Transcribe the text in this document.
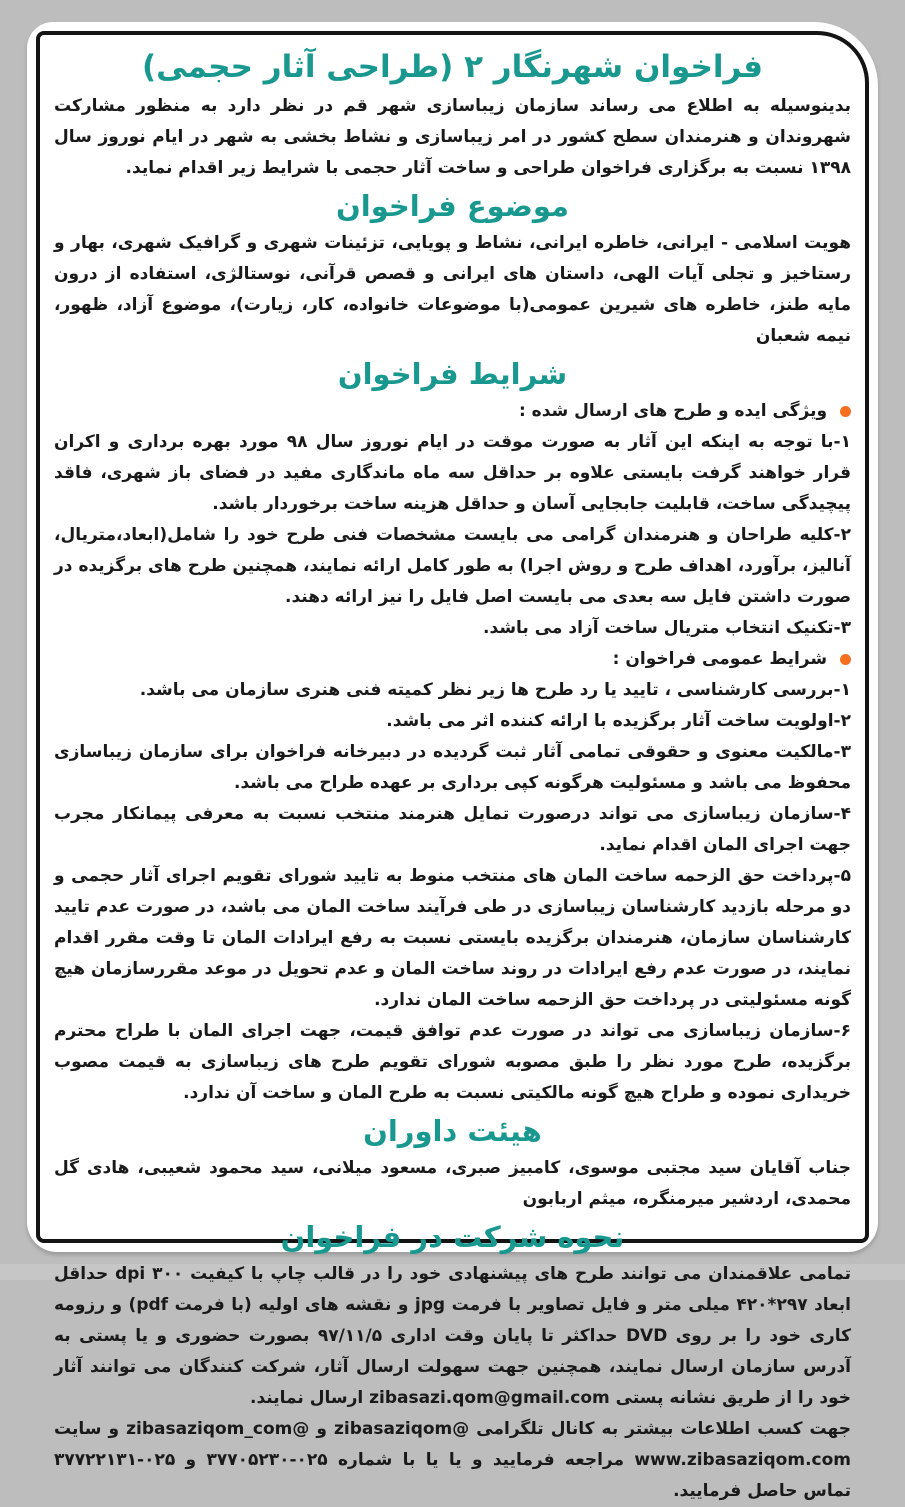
فراخوان شهرنگار ۲ (طراحی آثار حجمی)

بدینوسیله به اطلاع می رساند سازمان زیباسازی شهر قم در نظر دارد به منظور مشارکت شهروندان و هنرمندان سطح کشور در امر زیباسازی و نشاط بخشی به شهر در ایام نوروز سال ۱۳۹۸ نسبت به برگزاری فراخوان طراحی و ساخت آثار حجمی با شرایط زیر اقدام نماید.

موضوع فراخوان

هویت اسلامی - ایرانی، خاطره ایرانی، نشاط و پویایی، تزئینات شهری و گرافیک شهری، بهار و رستاخیز و تجلی آیات الهی، داستان های ایرانی و قصص قرآنی، نوستالژی، استفاده از درون مایه طنز، خاطره های شیرین عمومی(با موضوعات خانواده، کار، زیارت)، موضوع آزاد، ظهور، نیمه شعبان

شرایط فراخوان

ویژگی ایده و طرح های ارسال شده :

۱-با توجه به اینکه این آثار به صورت موقت در ایام نوروز سال ۹۸ مورد بهره برداری و اکران قرار خواهند گرفت بایستی علاوه بر حداقل سه ماه ماندگاری مفید در فضای باز شهری، فاقد پیچیدگی ساخت، قابلیت جابجایی آسان و حداقل هزینه ساخت برخوردار باشد.

۲-کلیه طراحان و هنرمندان گرامی می بایست مشخصات فنی طرح خود را شامل(ابعاد،متریال، آنالیز، برآورد، اهداف طرح و روش اجرا) به طور کامل ارائه نمایند، همچنین طرح های برگزیده در صورت داشتن فایل سه بعدی می بایست اصل فایل را نیز ارائه دهند.

۳-تکنیک انتخاب متریال ساخت آزاد می باشد.

شرایط عمومی فراخوان :

۱-بررسی کارشناسی ، تایید یا رد طرح ها زیر نظر کمیته فنی هنری سازمان می باشد.

۲-اولویت ساخت آثار برگزیده با ارائه کننده اثر می باشد.

۳-مالکیت معنوی و حقوقی تمامی آثار ثبت گردیده در دبیرخانه فراخوان برای سازمان زیباسازی محفوظ می باشد و مسئولیت هرگونه کپی برداری بر عهده طراح می باشد.

۴-سازمان زیباسازی می تواند درصورت تمایل هنرمند منتخب نسبت به معرفی پیمانکار مجرب جهت اجرای المان اقدام نماید.

۵-پرداخت حق الزحمه ساخت المان های منتخب منوط به تایید شورای تقویم اجرای آثار حجمی و دو مرحله بازدید کارشناسان زیباسازی در طی فرآیند ساخت المان می باشد، در صورت عدم تایید کارشناسان سازمان، هنرمندان برگزیده بایستی نسبت به رفع ایرادات المان تا وقت مقرر اقدام نمایند، در صورت عدم رفع ایرادات در روند ساخت المان و عدم تحویل در موعد مقررسازمان هیچ گونه مسئولیتی در پرداخت حق الزحمه ساخت المان ندارد.

۶-سازمان زیباسازی می تواند در صورت عدم توافق قیمت، جهت اجرای المان با طراح محترم برگزیده، طرح مورد نظر را طبق مصوبه شورای تقویم طرح های زیباسازی به قیمت مصوب خریداری نموده و طراح هیچ گونه مالکیتی نسبت به طرح المان و ساخت آن ندارد.

هیئت داوران

جناب آقایان سید مجتبی موسوی، کامبیز صبری، مسعود میلانی، سید محمود شعیبی، هادی گل محمدی، اردشیر میرمنگره، میثم اربابون

نحوه شرکت در فراخوان

تمامی علاقمندان می توانند طرح های پیشنهادی خود را در قالب چاپ با کیفیت ۳۰۰ dpi حداقل ابعاد ۲۹۷*۴۲۰ میلی متر و فایل تصاویر با فرمت jpg و نقشه های اولیه (با فرمت pdf) و رزومه کاری خود را بر روی DVD حداکثر تا پایان وقت اداری ۹۷/۱۱/۵ بصورت حضوری و یا پستی به آدرس سازمان ارسال نمایند، همچنین جهت سهولت ارسال آثار، شرکت کنندگان می توانند آثار خود را از طریق نشانه پستی zibasazi.qom@gmail.com ارسال نمایند.

جهت کسب اطلاعات بیشتر به کانال تلگرامی @zibasaziqom و @zibasaziqom_com و سایت www.zibasaziqom.com مراجعه فرمایید و یا یا با شماره ۰۲۵-۳۷۷۰۵۲۳۰ و ۰۲۵-۳۷۷۲۲۱۳۱ تماس حاصل فرمایید.
